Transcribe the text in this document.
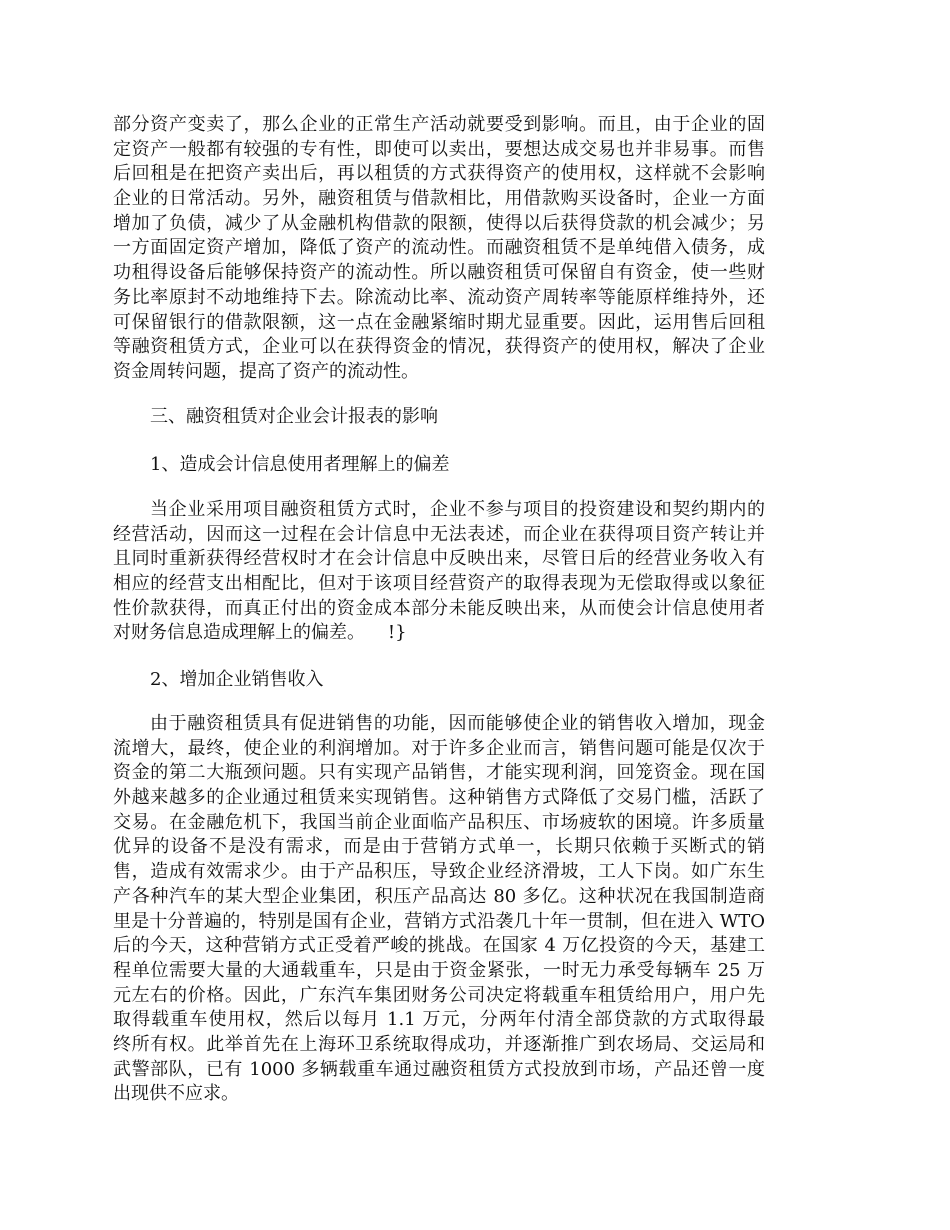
部分资产变卖了，那么企业的正常生产活动就要受到影响。而且，由于企业的固
定资产一般都有较强的专有性，即使可以卖出，要想达成交易也并非易事。而售
后回租是在把资产卖出后，再以租赁的方式获得资产的使用权，这样就不会影响
企业的日常活动。另外，融资租赁与借款相比，用借款购买设备时，企业一方面
增加了负债，减少了从金融机构借款的限额，使得以后获得贷款的机会减少；另
一方面固定资产增加，降低了资产的流动性。而融资租赁不是单纯借入债务，成
功租得设备后能够保持资产的流动性。所以融资租赁可保留自有资金，使一些财
务比率原封不动地维持下去。除流动比率、流动资产周转率等能原样维持外，还
可保留银行的借款限额，这一点在金融紧缩时期尤显重要。因此，运用售后回租
等融资租赁方式，企业可以在获得资金的情况，获得资产的使用权，解决了企业
资金周转问题，提高了资产的流动性。
三、融资租赁对企业会计报表的影响
1、造成会计信息使用者理解上的偏差
当企业采用项目融资租赁方式时，企业不参与项目的投资建设和契约期内的
经营活动，因而这一过程在会计信息中无法表述，而企业在获得项目资产转让并
且同时重新获得经营权时才在会计信息中反映出来，尽管日后的经营业务收入有
相应的经营支出相配比，但对于该项目经营资产的取得表现为无偿取得或以象征
性价款获得，而真正付出的资金成本部分未能反映出来，从而使会计信息使用者
对财务信息造成理解上的偏差。    !}
2、增加企业销售收入
由于融资租赁具有促进销售的功能，因而能够使企业的销售收入增加，现金
流增大，最终，使企业的利润增加。对于许多企业而言，销售问题可能是仅次于
资金的第二大瓶颈问题。只有实现产品销售，才能实现利润，回笼资金。现在国
外越来越多的企业通过租赁来实现销售。这种销售方式降低了交易门槛，活跃了
交易。在金融危机下，我国当前企业面临产品积压、市场疲软的困境。许多质量
优异的设备不是没有需求，而是由于营销方式单一，长期只依赖于买断式的销
售，造成有效需求少。由于产品积压，导致企业经济滑坡，工人下岗。如广东生
产各种汽车的某大型企业集团，积压产品高达 80 多亿。这种状况在我国制造商
里是十分普遍的，特别是国有企业，营销方式沿袭几十年一贯制，但在进入 WTO
后的今天，这种营销方式正受着严峻的挑战。在国家 4 万亿投资的今天，基建工
程单位需要大量的大通载重车，只是由于资金紧张，一时无力承受每辆车 25 万
元左右的价格。因此，广东汽车集团财务公司决定将载重车租赁给用户，用户先
取得载重车使用权，然后以每月 1.1 万元，分两年付清全部贷款的方式取得最
终所有权。此举首先在上海环卫系统取得成功，并逐渐推广到农场局、交运局和
武警部队，已有 1000 多辆载重车通过融资租赁方式投放到市场，产品还曾一度
出现供不应求。
